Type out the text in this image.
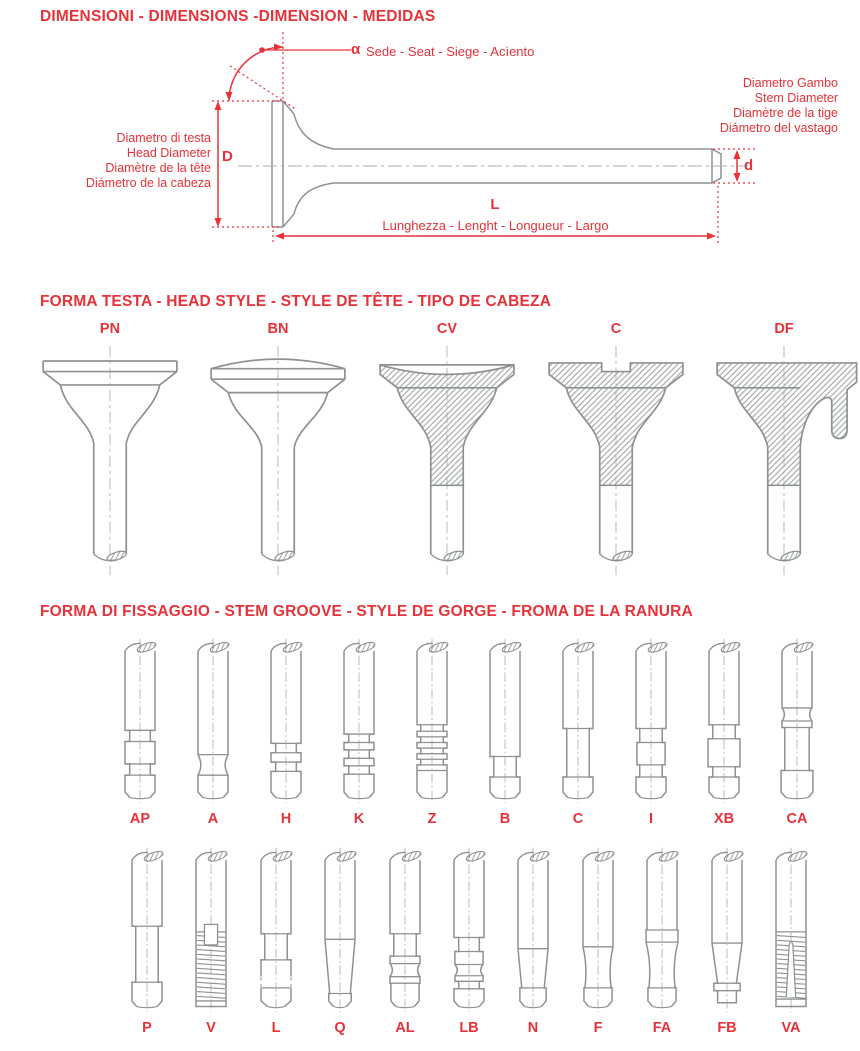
DIMENSIONI - DIMENSIONS -DIMENSION - MEDIDAS
α Sede - Seat - Siege - Acìento
Diametro di testa
Head Diameter
Diamètre de la tête
Diámetro de la cabeza
D
Diametro Gambo
Stem Diameter
Diamètre de la tige
Diámetro del vastago
d
L
Lunghezza - Lenght - Longueur - Largo
FORMA TESTA - HEAD STYLE - STYLE DE TÊTE - TIPO DE CABEZA
PN	BN	CV	C	DF
FORMA DI FISSAGGIO - STEM GROOVE - STYLE DE GORGE - FROMA DE LA RANURA
AP	A	H	K	Z	B	C	I	XB	CA
P	V	L	Q	AL	LB	N	F	FA	FB	VA
